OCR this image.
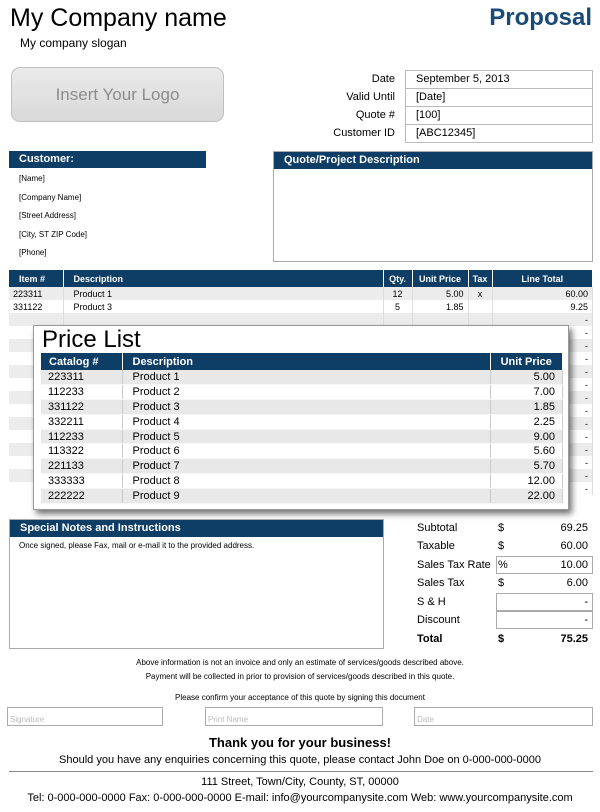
My Company name
My company slogan
Proposal
Insert Your Logo
Date	September 5, 2013
Valid Until	[Date]
Quote #	[100]
Customer ID	[ABC12345]
Customer:
[Name]
[Company Name]
[Street Address]
[City, ST ZIP Code]
[Phone]
Quote/Project Description
Item #	Description	Qty.	Unit Price	Tax	Line Total
223311	Product 1	12	5.00	x	60.00
331122	Product 3	5	1.85		9.25
					-
					-
					-
					-
					-
					-
					-
					-
					-
					-
					-
					-
					-
					-
Price List
Catalog #	Description	Unit Price
223311	Product 1	5.00
112233	Product 2	7.00
331122	Product 3	1.85
332211	Product 4	2.25
112233	Product 5	9.00
113322	Product 6	5.60
221133	Product 7	5.70
333333	Product 8	12.00
222222	Product 9	22.00
Special Notes and Instructions
Once signed, please Fax, mail or e-mail it to the provided address.
Subtotal	$	69.25
Taxable	$	60.00
Sales Tax Rate %	10.00
Sales Tax	$	6.00
S & H	-
Discount	-
Total	$	75.25
Above information is not an invoice and only an estimate of services/goods described above.
Payment will be collected in prior to provision of services/goods described in this quote.
Please confirm your acceptance of this quote by signing this document
Signature	Print Name	Date
Thank you for your business!
Should you have any enquiries concerning this quote, please contact John Doe on 0-000-000-0000
111 Street, Town/City, County, ST, 00000
Tel: 0-000-000-0000 Fax: 0-000-000-0000 E-mail: info@yourcompanysite.com Web: www.yourcompanysite.com
